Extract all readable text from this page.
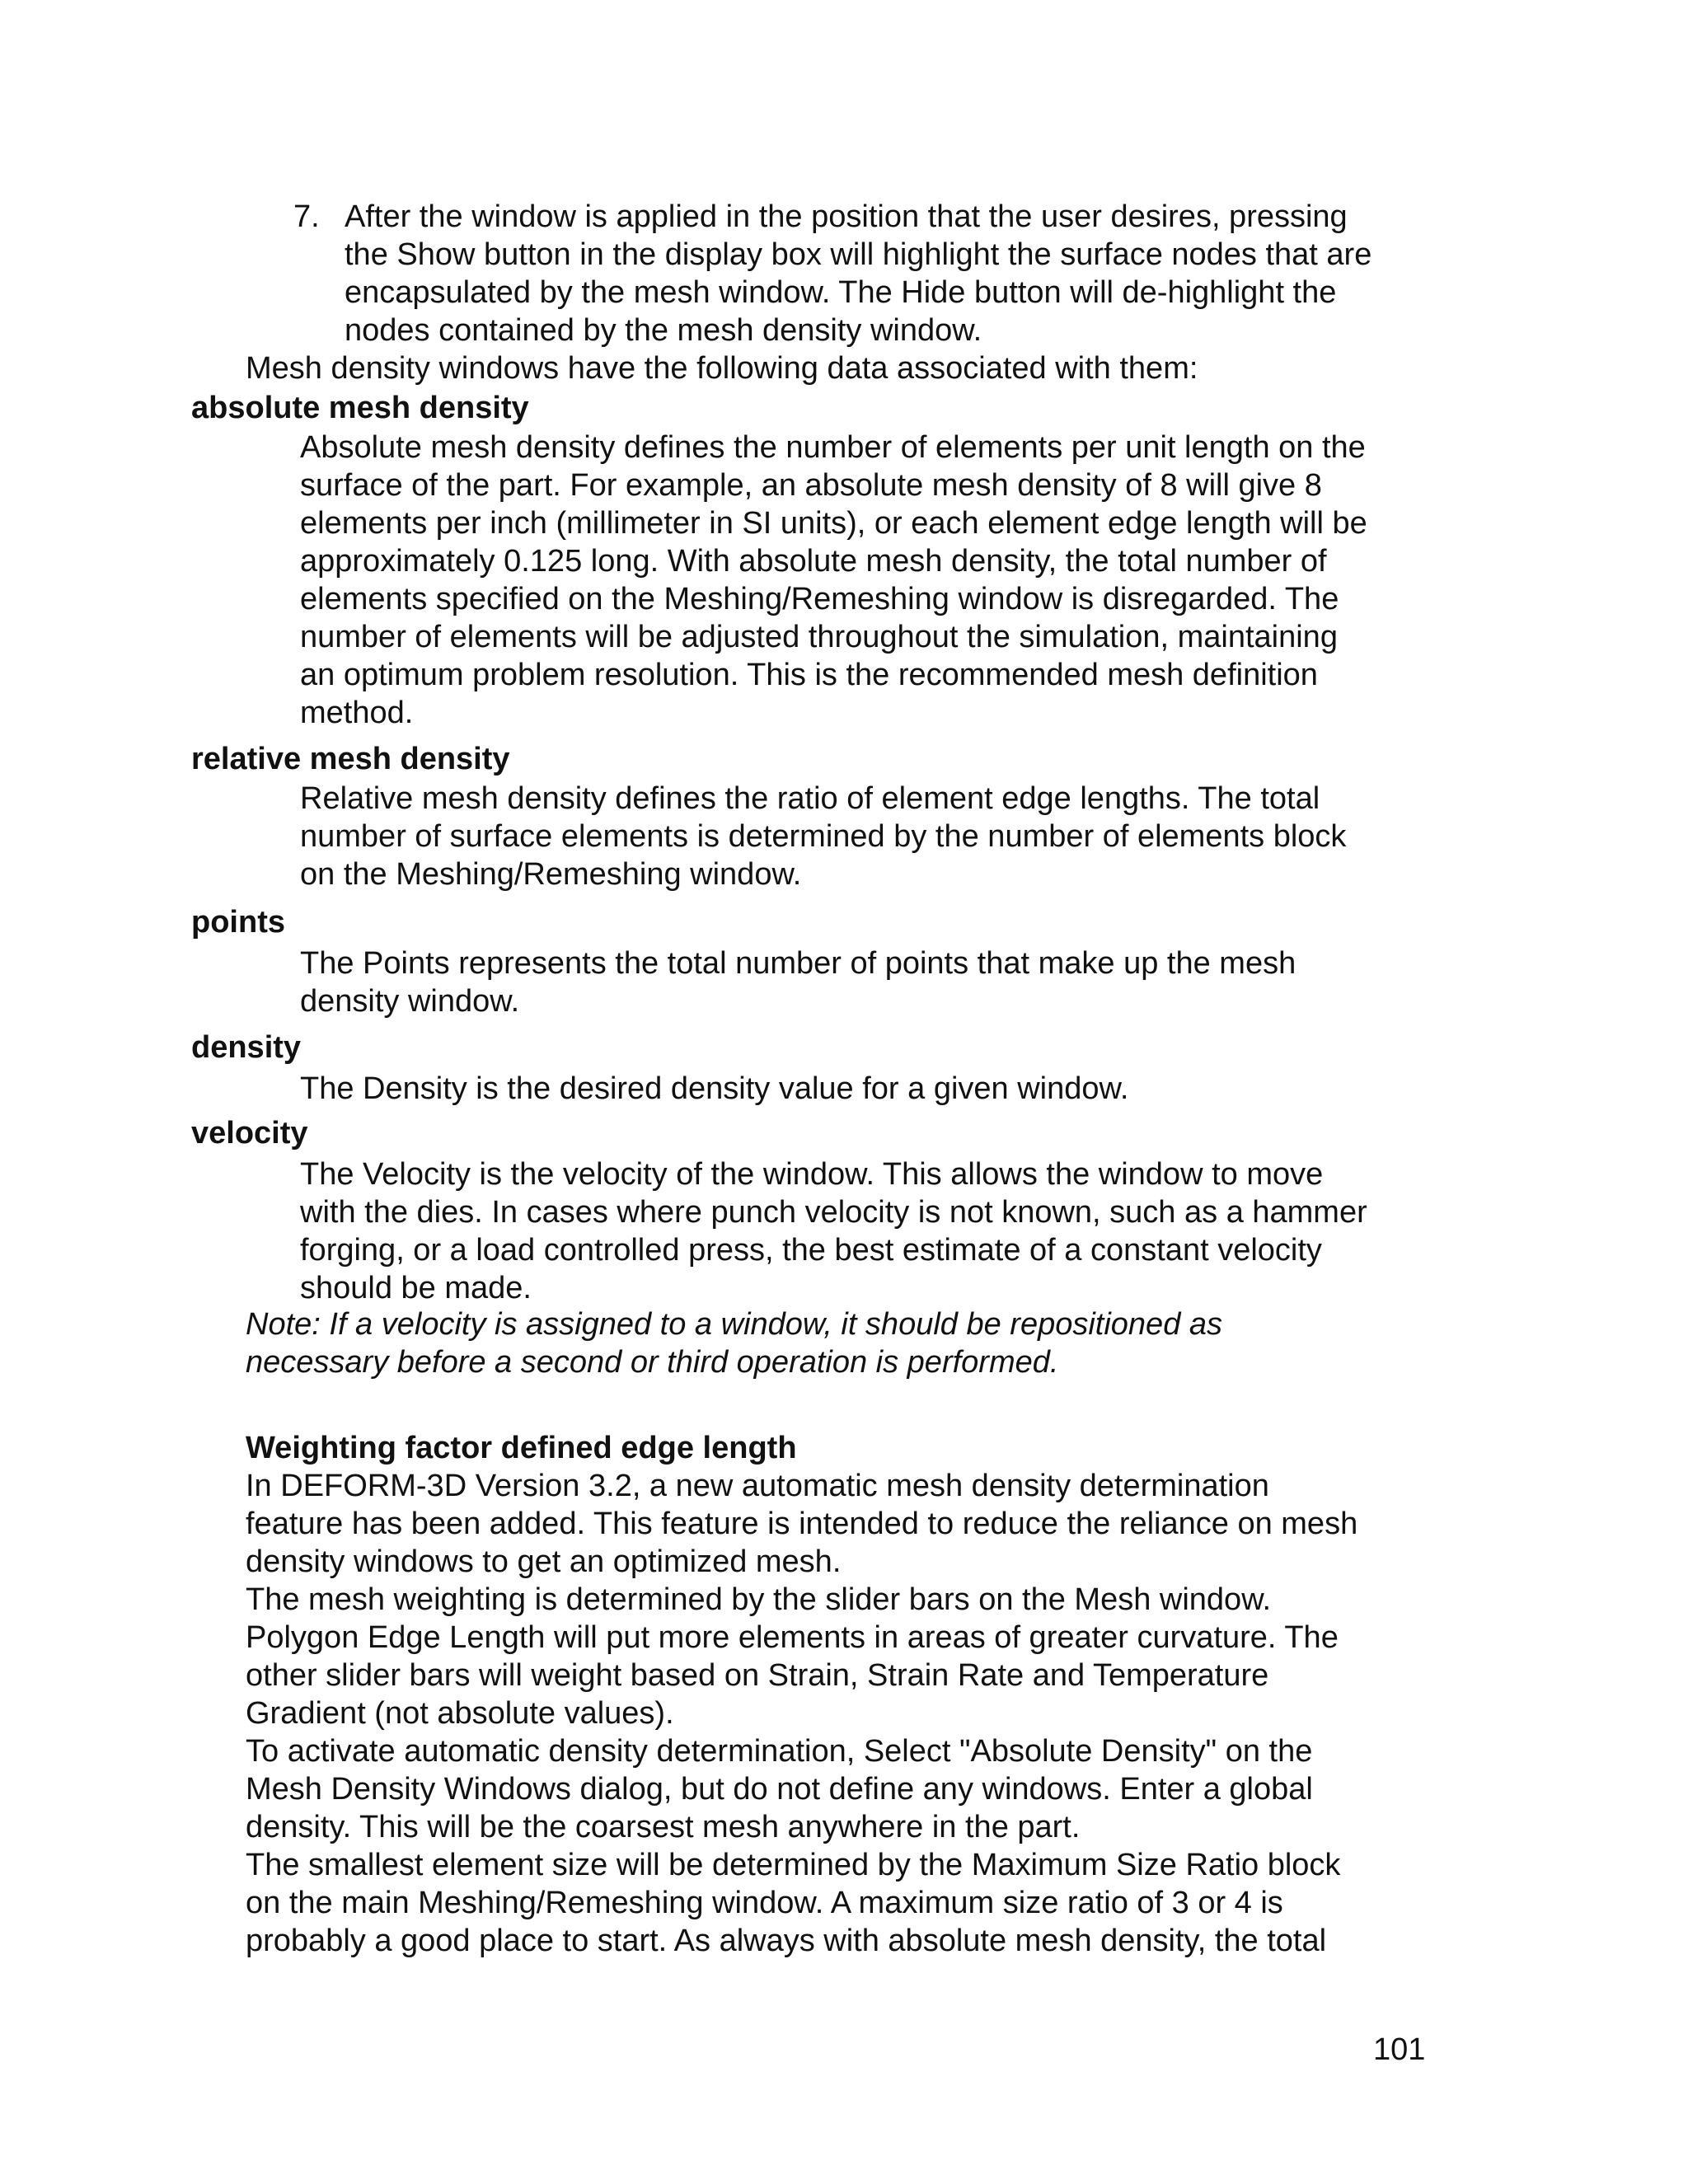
7. After the window is applied in the position that the user desires, pressing
the Show button in the display box will highlight the surface nodes that are
encapsulated by the mesh window. The Hide button will de-highlight the
nodes contained by the mesh density window.
Mesh density windows have the following data associated with them:
absolute mesh density
Absolute mesh density defines the number of elements per unit length on the
surface of the part. For example, an absolute mesh density of 8 will give 8
elements per inch (millimeter in SI units), or each element edge length will be
approximately 0.125 long. With absolute mesh density, the total number of
elements specified on the Meshing/Remeshing window is disregarded. The
number of elements will be adjusted throughout the simulation, maintaining
an optimum problem resolution. This is the recommended mesh definition
method.
relative mesh density
Relative mesh density defines the ratio of element edge lengths. The total
number of surface elements is determined by the number of elements block
on the Meshing/Remeshing window.
points
The Points represents the total number of points that make up the mesh
density window.
density
The Density is the desired density value for a given window.
velocity
The Velocity is the velocity of the window. This allows the window to move
with the dies. In cases where punch velocity is not known, such as a hammer
forging, or a load controlled press, the best estimate of a constant velocity
should be made.
Note: If a velocity is assigned to a window, it should be repositioned as
necessary before a second or third operation is performed.
Weighting factor defined edge length
In DEFORM-3D Version 3.2, a new automatic mesh density determination
feature has been added. This feature is intended to reduce the reliance on mesh
density windows to get an optimized mesh.
The mesh weighting is determined by the slider bars on the Mesh window.
Polygon Edge Length will put more elements in areas of greater curvature. The
other slider bars will weight based on Strain, Strain Rate and Temperature
Gradient (not absolute values).
To activate automatic density determination, Select "Absolute Density" on the
Mesh Density Windows dialog, but do not define any windows. Enter a global
density. This will be the coarsest mesh anywhere in the part.
The smallest element size will be determined by the Maximum Size Ratio block
on the main Meshing/Remeshing window. A maximum size ratio of 3 or 4 is
probably a good place to start. As always with absolute mesh density, the total
101
